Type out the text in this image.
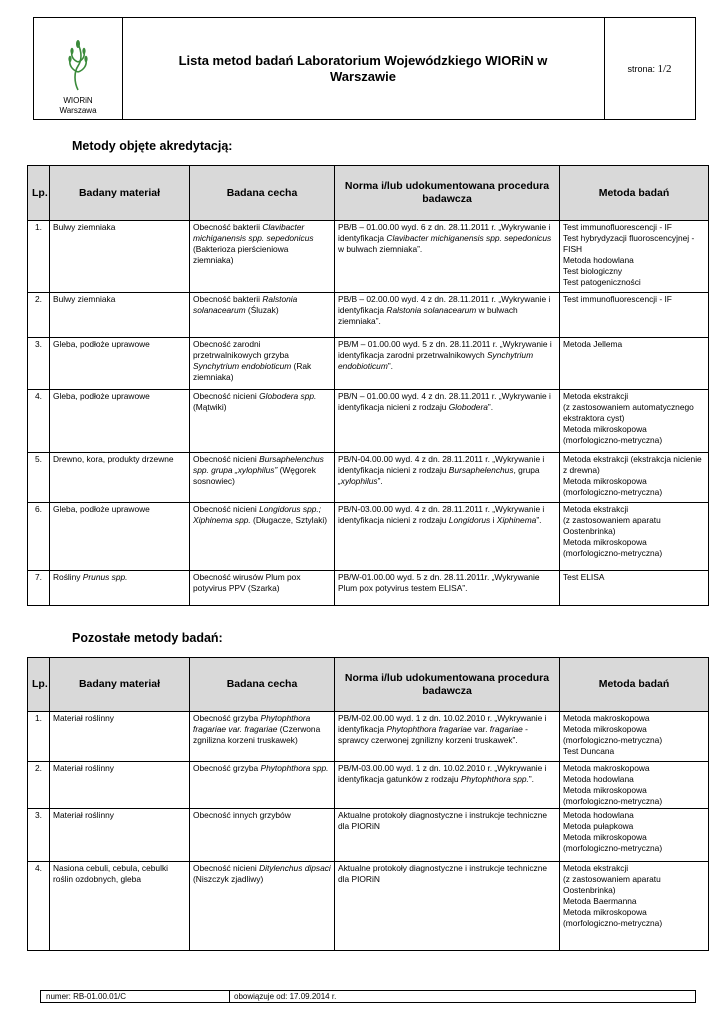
WIORiN
Warszawa
Lista metod badań Laboratorium Wojewódzkiego WIORiN w Warszawie	strona:
1/2
Metody objęte akredytacją:
Lp.	Badany materiał	Badana cecha	Norma i/lub udokumentowana procedura badawcza	Metoda badań
1.	Bulwy ziemniaka	Obecność bakterii Clavibacter michiganensis spp. sepedonicus (Bakterioza pierścieniowa ziemniaka)	PB/B – 01.00.00 wyd. 6 z dn. 28.11.2011 r. „Wykrywanie i identyfikacja Clavibacter michiganensis spp. sepedonicus w bulwach ziemniaka”.	Test immunofluorescencji - IF
Test hybrydyzacji fluoroscencyjnej - FISH
Metoda hodowlana
Test biologiczny
Test patogeniczności

2.	Bulwy ziemniaka	Obecność bakterii Ralstonia solanacearum (Śluzak)	PB/B – 02.00.00 wyd. 4 z dn. 28.11.2011 r. „Wykrywanie i identyfikacja Ralstonia solanacearum w bulwach ziemniaka”.	Test immunofluorescencji - IF

3.	Gleba, podłoże uprawowe	Obecność zarodni przetrwalnikowych grzyba Synchytrium endobioticum (Rak ziemniaka)	PB/M – 01.00.00 wyd. 5 z dn. 28.11.2011 r. „Wykrywanie i identyfikacja zarodni przetrwalnikowych Synchytrium endobioticum”.	Metoda Jellema

4.	Gleba, podłoże uprawowe	Obecność nicieni Globodera spp.(Mątwiki)	PB/N – 01.00.00 wyd. 4 z dn. 28.11.2011 r. „Wykrywanie i identyfikacja nicieni z rodzaju Globodera”.	Metoda ekstrakcji
(z zastosowaniem automatycznego ekstraktora cyst)
Metoda mikroskopowa
(morfologiczno-metryczna)

5.	Drewno, kora, produkty drzewne	Obecność nicieni Bursaphelenchus spp. grupa „xylophilus” (Węgorek sosnowiec)	PB/N-04.00.00 wyd. 4 z dn. 28.11.2011 r. „Wykrywanie i identyfikacja nicieni z rodzaju Bursaphelenchus, grupa „xylophilus”.	Metoda ekstrakcji (ekstrakcja nicienie z drewna)
Metoda mikroskopowa
(morfologiczno-metryczna)

6.	Gleba, podłoże uprawowe	Obecność nicieni Longidorus spp.; Xiphinema spp. (Długacze, Sztylaki)	PB/N-03.00.00 wyd. 4 z dn. 28.11.2011 r. „Wykrywanie i identyfikacja nicieni z rodzaju Longidorus i Xiphinema”.	Metoda ekstrakcji
(z zastosowaniem aparatu Oostenbrinka)
Metoda mikroskopowa
(morfologiczno-metryczna)

7.	Rośliny Prunus spp.	Obecność wirusów Plum pox potyvirus PPV (Szarka)	PB/W-01.00.00 wyd. 5 z dn. 28.11.2011r. „Wykrywanie Plum pox potyvirus testem ELISA”.	Test ELISA
Pozostałe metody badań:
Lp.	Badany materiał	Badana cecha	Norma i/lub udokumentowana procedura badawcza	Metoda badań
1.	Materiał roślinny	Obecność grzyba Phytophthora fragariae var. fragariae (Czerwona zgnilizna korzeni truskawek)	PB/M-02.00.00 wyd. 1 z dn. 10.02.2010 r. „Wykrywanie i identyfikacja Phytophthora fragariae var. fragariae - sprawcy czerwonej zgnilizny korzeni truskawek”.	Metoda makroskopowa
Metoda mikroskopowa
(morfologiczno-metryczna)
Test Duncana

2.	Materiał roślinny	Obecność grzyba Phytophthora spp.	PB/M-03.00.00 wyd. 1 z dn. 10.02.2010 r. „Wykrywanie i identyfikacja gatunków z rodzaju Phytophthora spp.”.	Metoda makroskopowa
Metoda hodowlana
Metoda mikroskopowa
(morfologiczno-metryczna)

3.	Materiał roślinny	Obecność innych grzybów	Aktualne protokoły diagnostyczne i instrukcje techniczne dla PIORiN	Metoda hodowlana
Metoda pułapkowa
Metoda mikroskopowa
(morfologiczno-metryczna)

4.	Nasiona cebuli, cebula, cebulki roślin ozdobnych, gleba	Obecność nicieni Ditylenchus dipsaci (Niszczyk zjadliwy)	Aktualne protokoły diagnostyczne i instrukcje techniczne dla PIORiN	Metoda ekstrakcji
(z zastosowaniem aparatu Oostenbrinka)
Metoda Baermanna
Metoda mikroskopowa
(morfologiczno-metryczna)
numer: RB-01.00.01/C	obowiązuje od: 17.09.2014 r.
